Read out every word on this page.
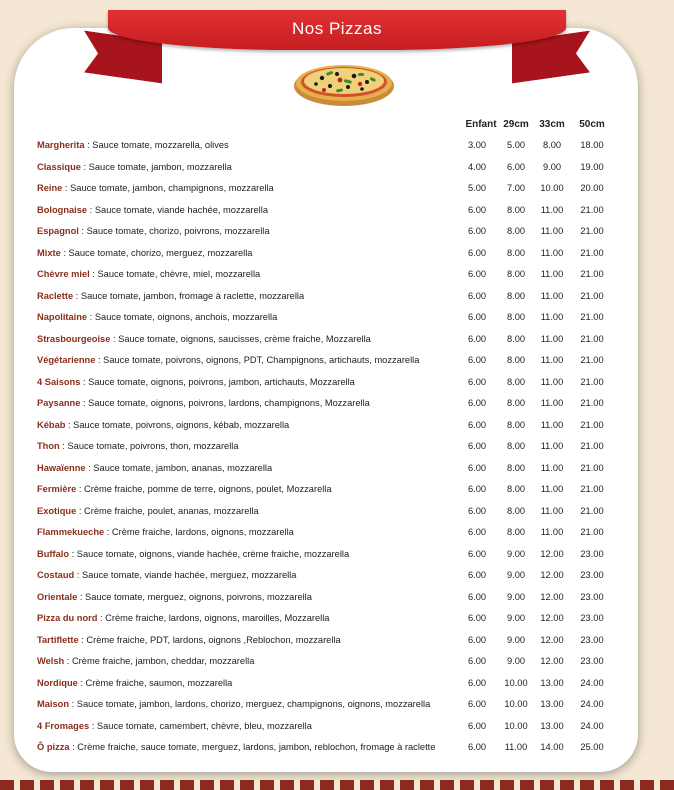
Nos Pizzas
Enfant 29cm	33cm	50cm
Margherita : Sauce tomate, mozzarella, olives	3.00	5.00	8.00	18.00
Classique : Sauce tomate, jambon, mozzarella	4.00	6.00	9.00	19.00
Reine : Sauce tomate, jambon, champignons, mozzarella	5.00	7.00	10.00	20.00
Bolognaise : Sauce tomate, viande hachée, mozzarella	6.00	8.00	11.00	21.00
Espagnol : Sauce tomate, chorizo, poivrons, mozzarella	6.00	8.00	11.00	21.00
Mixte : Sauce tomate, chorizo, merguez, mozzarella	6.00	8.00	11.00	21.00
Chèvre miel : Sauce tomate, chèvre, miel, mozzarella	6.00	8.00	11.00	21.00
Raclette : Sauce tomate, jambon, fromage à raclette, mozzarella	6.00	8.00	11.00	21.00
Napolitaine : Sauce tomate, oignons, anchois, mozzarella	6.00	8.00	11.00	21.00
Strasbourgeoise : Sauce tomate, oignons, saucisses, crème fraiche, Mozzarella	6.00	8.00	11.00	21.00
Végétarienne : Sauce tomate, poivrons, oignons, PDT, Champignons, artichauts, mozzarella	6.00	8.00	11.00	21.00
4 Saisons : Sauce tomate, oignons, poivrons, jambon, artichauts, Mozzarella	6.00	8.00	11.00	21.00
Paysanne : Sauce tomate, oignons, poivrons, lardons, champignons, Mozzarella	6.00	8.00	11.00	21.00
Kébab : Sauce tomate, poivrons, oignons, kébab, mozzarella	6.00	8.00	11.00	21.00
Thon : Sauce tomate, poivrons, thon, mozzarella	6.00	8.00	11.00	21.00
Hawaïenne : Sauce tomate, jambon, ananas, mozzarella	6.00	8.00	11.00	21.00
Fermière : Crème fraiche, pomme de terre, oignons, poulet, Mozzarella	6.00	8.00	11.00	21.00
Exotique : Crème fraiche, poulet, ananas, mozzarella	6.00	8.00	11.00	21.00
Flammekueche : Crème fraiche, lardons, oignons, mozzarella	6.00	8.00	11.00	21.00
Buffalo : Sauce tomate, oignons, viande hachée, crème fraiche, mozzarella	6.00	9.00	12.00	23.00
Costaud : Sauce tomate, viande hachée, merguez, mozzarella	6.00	9.00	12.00	23.00
Orientale : Sauce tomate, merguez, oignons, poivrons, mozzarella	6.00	9.00	12.00	23.00
Pizza du nord : Crème fraiche, lardons, oignons, maroilles, Mozzarella	6.00	9.00	12.00	23.00
Tartiflette : Crème fraiche, PDT, lardons, oignons ,Reblochon, mozzarella	6.00	9.00	12.00	23.00
Welsh : Crème fraiche, jambon, cheddar, mozzarella	6.00	9.00	12.00	23.00
Nordique : Crème fraiche, saumon, mozzarella	6.00	10.00	13.00	24.00
Maison : Sauce tomate, jambon, lardons, chorizo, merguez, champignons, oignons, mozzarella	6.00	10.00	13.00	24.00
4 Fromages : Sauce tomate, camembert, chèvre, bleu, mozzarella	6.00	10.00	13.00	24.00
Ô pizza : Crème fraiche, sauce tomate, merguez, lardons, jambon, reblochon, fromage à raclette	6.00	11.00	14.00	25.00
